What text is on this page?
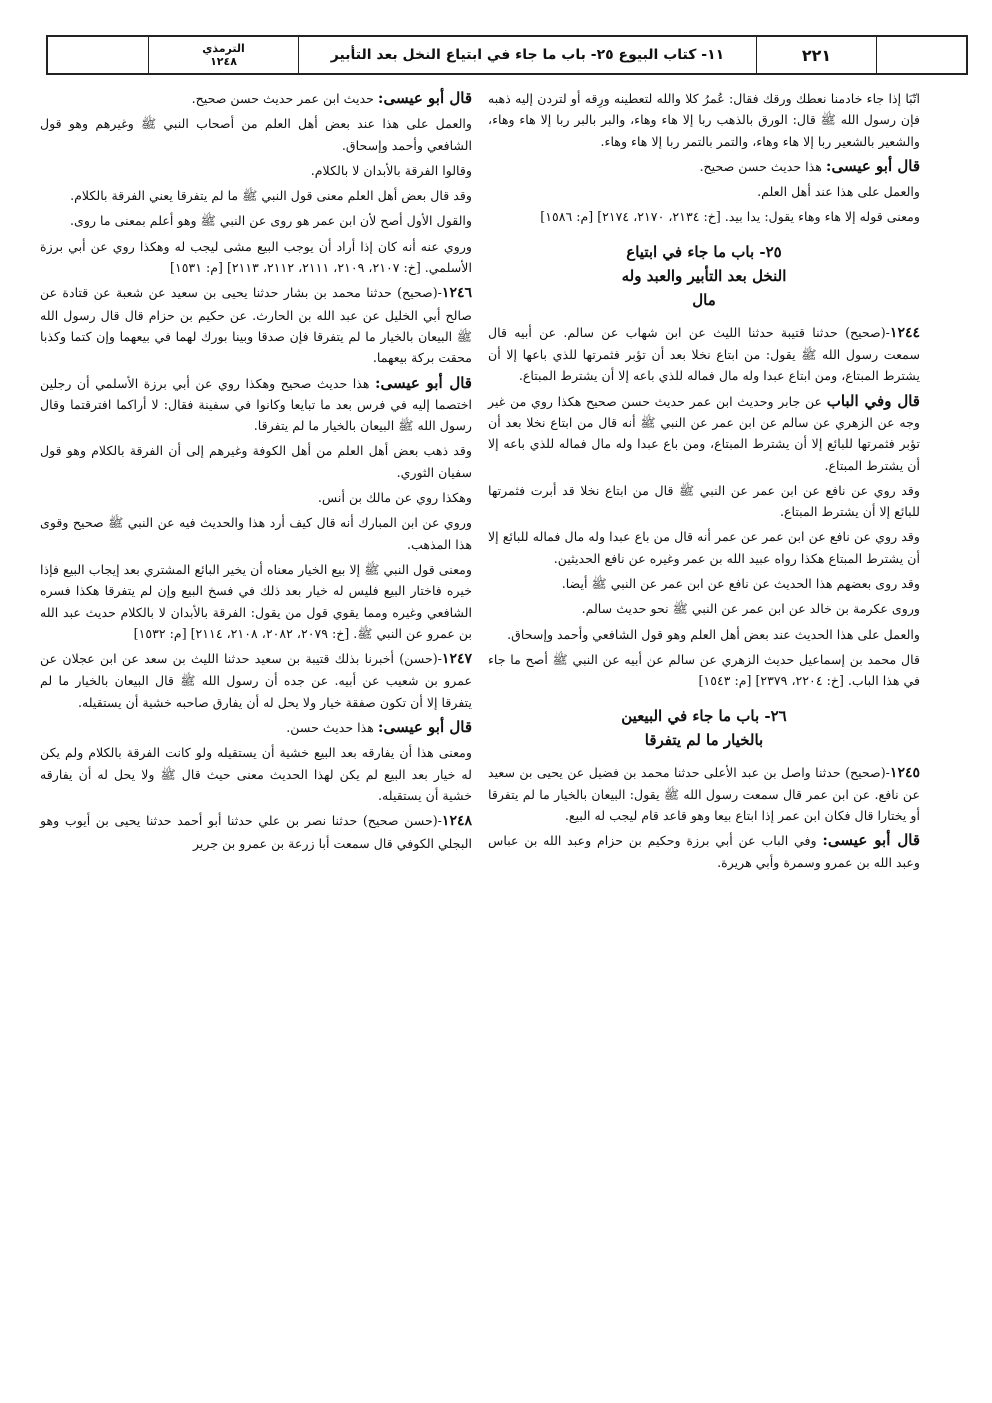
٢٢١
١١- كتاب البيوع ٢٥- باب ما جاء في ابتياع النخل بعد التأبير
الترمذي
١٢٤٨

اتّبَا إذا جاء خادمنا نعطك ورقك فقال: عُمرُ كلا والله لتعطينه ورِقه أو لتردن إليه ذهبه فإن رسول الله ﷺ قال: الورق بالذهب ربا إلا هاء وهاء، والبر بالبر ربا إلا هاء وهاء، والشعير بالشعير ربا إلا هاء وهاء، والتمر بالتمر ربا إلا هاء وهاء.

قال أبو عيسى: هذا حديث حسن صحيح.

والعمل على هذا عند أهل العلم.

ومعنى قوله إلا هاء وهاء يقول: يدا بيد. [خ: ٢١٣٤، ٢١٧٠، ٢١٧٤] [م: ١٥٨٦]

٢٥- باب ما جاء في ابتياع
النخل بعد التأبير والعبد وله
مال

١٢٤٤-(صحيح) حدثنا قتيبة حدثنا الليث عن ابن شهاب عن سالم. عن أبيه قال سمعت رسول الله ﷺ يقول: من ابتاع نخلا بعد أن تؤبر فثمرتها للذي باعها إلا أن يشترط المبتاع، ومن ابتاع عبدا وله مال فماله للذي باعه إلا أن يشترط المبتاع.

قال وفي الباب عن جابر وحديث ابن عمر حديث حسن صحيح هكذا روي من غير وجه عن الزهري عن سالم عن ابن عمر عن النبي ﷺ أنه قال من ابتاع نخلا بعد أن تؤبر فثمرتها للبائع إلا أن يشترط المبتاع، ومن باع عبدا وله مال فماله للذي باعه إلا أن يشترط المبتاع.

وقد روي عن نافع عن ابن عمر عن النبي ﷺ قال من ابتاع نخلا قد أبرت فثمرتها للبائع إلا أن يشترط المبتاع.

وقد روي عن نافع عن ابن عمر عن عمر أنه قال من باع عبدا وله مال فماله للبائع إلا أن يشترط المبتاع هكذا رواه عبيد الله بن عمر وغيره عن نافع الحديثين.

وقد روى بعضهم هذا الحديث عن نافع عن ابن عمر عن النبي ﷺ أيضا.

وروى عكرمة بن خالد عن ابن عمر عن النبي ﷺ نحو حديث سالم.

والعمل على هذا الحديث عند بعض أهل العلم وهو قول الشافعي وأحمد وإسحاق.

قال محمد بن إسماعيل حديث الزهري عن سالم عن أبيه عن النبي ﷺ أصح ما جاء في هذا الباب. [خ: ٢٢٠٤، ٢٣٧٩] [م: ١٥٤٣]

٢٦- باب ما جاء في البيعين
بالخيار ما لم يتفرقا

١٢٤٥-(صحيح) حدثنا واصل بن عبد الأعلى حدثنا محمد بن فضيل عن يحيى بن سعيد عن نافع. عن ابن عمر قال سمعت رسول الله ﷺ يقول: البيعان بالخيار ما لم يتفرقا أو يختارا قال فكان ابن عمر إذا ابتاع بيعا وهو قاعد قام ليجب له البيع.

قال أبو عيسى: وفي الباب عن أبي برزة وحكيم بن حزام وعبد الله بن عباس وعبد الله بن عمرو وسمرة وأبي هريرة.

قال أبو عيسى: حديث ابن عمر حديث حسن صحيح.

والعمل على هذا عند بعض أهل العلم من أصحاب النبي ﷺ وغيرهم وهو قول الشافعي وأحمد وإسحاق.

وقالوا الفرقة بالأبدان لا بالكلام.

وقد قال بعض أهل العلم معنى قول النبي ﷺ ما لم يتفرقا يعني الفرقة بالكلام.

والقول الأول أصح لأن ابن عمر هو روى عن النبي ﷺ وهو أعلم بمعنى ما روى.

وروي عنه أنه كان إذا أراد أن يوجب البيع مشى ليجب له وهكذا روي عن أبي برزة الأسلمي. [خ: ٢١٠٧، ٢١٠٩، ٢١١١، ٢١١٢، ٢١١٣] [م: ١٥٣١]

١٢٤٦-(صحيح) حدثنا محمد بن بشار حدثنا يحيى بن سعيد عن شعبة عن قتادة عن صالح أبي الخليل عن عبد الله بن الحارث. عن حكيم بن حزام قال قال رسول الله ﷺ البيعان بالخيار ما لم يتفرقا فإن صدقا وبينا بورك لهما في بيعهما وإن كتما وكذبا محقت بركة بيعهما.

قال أبو عيسى: هذا حديث صحيح وهكذا روي عن أبي برزة الأسلمي أن رجلين اختصما إليه في فرس بعد ما تبايعا وكانوا في سفينة فقال: لا أراكما افترقتما وقال رسول الله ﷺ البيعان بالخيار ما لم يتفرقا.

وقد ذهب بعض أهل العلم من أهل الكوفة وغيرهم إلى أن الفرقة بالكلام وهو قول سفيان الثوري.

وهكذا روي عن مالك بن أنس.

وروي عن ابن المبارك أنه قال كيف أرد هذا والحديث فيه عن النبي ﷺ صحيح وقوى هذا المذهب.

ومعنى قول النبي ﷺ إلا بيع الخيار معناه أن يخير البائع المشتري بعد إيجاب البيع فإذا خيره فاختار البيع فليس له خيار بعد ذلك في فسخ البيع وإن لم يتفرقا هكذا فسره الشافعي وغيره ومما يقوي قول من يقول: الفرقة بالأبدان لا بالكلام حديث عبد الله بن عمرو عن النبي ﷺ. [خ: ٢٠٧٩، ٢٠٨٢، ٢١٠٨، ٢١١٤] [م: ١٥٣٢]

١٢٤٧-(حسن) أخبرنا بذلك قتيبة بن سعيد حدثنا الليث بن سعد عن ابن عجلان عن عمرو بن شعيب عن أبيه. عن جده أن رسول الله ﷺ قال البيعان بالخيار ما لم يتفرقا إلا أن تكون صفقة خيار ولا يحل له أن يفارق صاحبه خشية أن يستقيله.

قال أبو عيسى: هذا حديث حسن.

ومعنى هذا أن يفارقه بعد البيع خشية أن يستقيله ولو كانت الفرقة بالكلام ولم يكن له خيار بعد البيع لم يكن لهذا الحديث معنى حيث قال ﷺ ولا يحل له أن يفارقه خشية أن يستقيله.

١٢٤٨-(حسن صحيح) حدثنا نصر بن علي حدثنا أبو أحمد حدثنا يحيى بن أيوب وهو البجلي الكوفي قال سمعت أبا زرعة بن عمرو بن جرير
